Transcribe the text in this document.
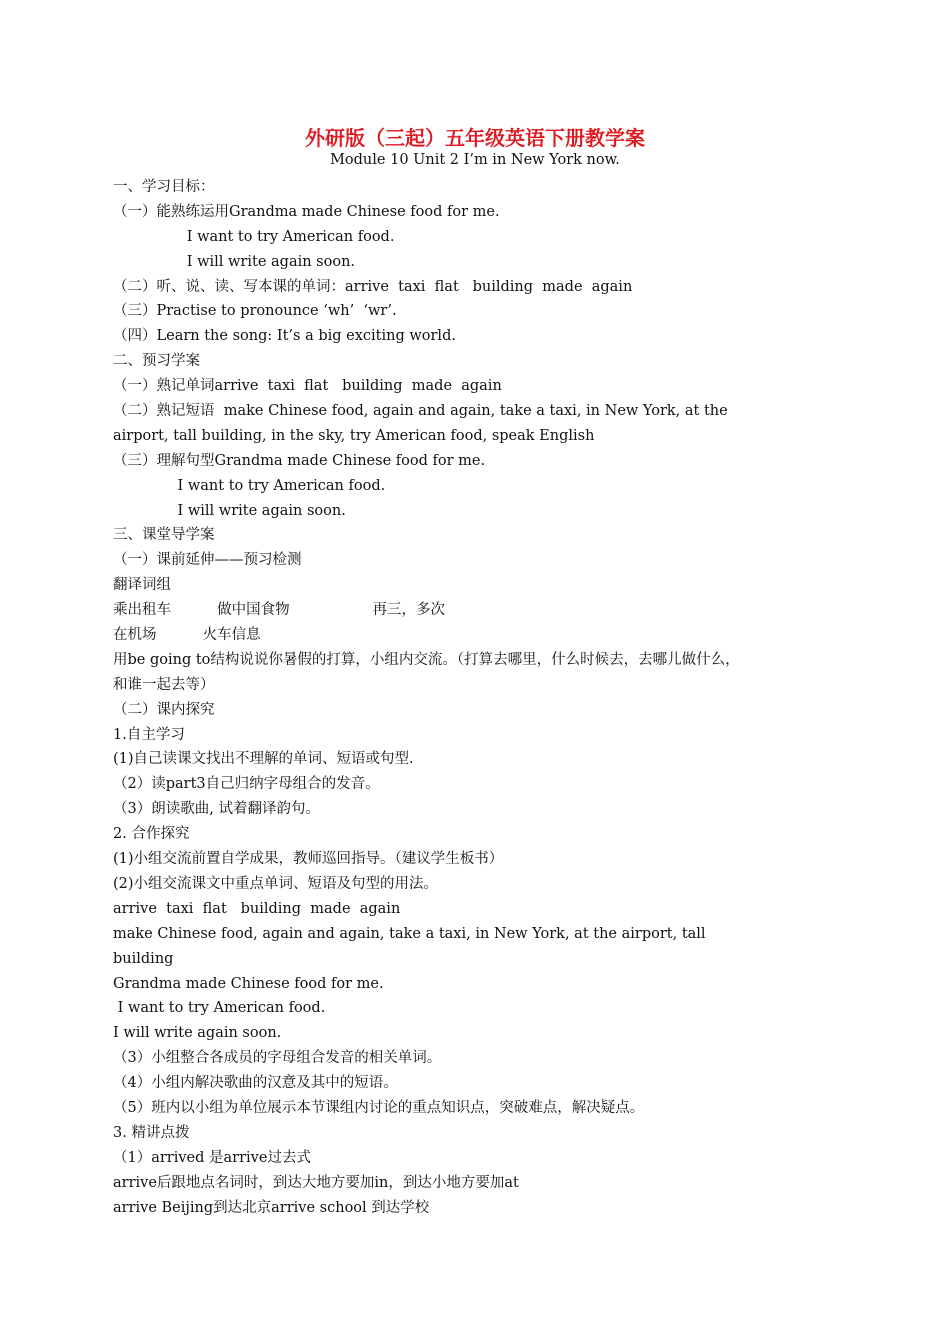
外研版（三起）五年级英语下册教学案
Module 10 Unit 2 I’m in New York now.
一、学习目标：
（一）能熟练运用Grandma made Chinese food for me.
I want to try American food.
I will write again soon.
（二）听、说、读、写本课的单词：arrive  taxi  flat   building  made  again
（三）Practise to pronounce ‘wh’  ‘wr’.
（四）Learn the song: It’s a big exciting world.
二、预习学案
（一）熟记单词arrive  taxi  flat   building  made  again
（二）熟记短语  make Chinese food, again and again, take a taxi, in New York, at the
airport, tall building, in the sky, try American food, speak English
（三）理解句型Grandma made Chinese food for me.
I want to try American food.
I will write again soon.
三、课堂导学案
（一）课前延伸——预习检测
翻译词组
乘出租车          做中国食物                  再三，多次
在机场          火车信息
用be going to结构说说你暑假的打算，小组内交流。（打算去哪里，什么时候去，去哪儿做什么，
和谁一起去等）
（二）课内探究
1.自主学习
(1)自己读课文找出不理解的单词、短语或句型.
（2）读part3自己归纳字母组合的发音。
（3）朗读歌曲, 试着翻译韵句。
2. 合作探究
(1)小组交流前置自学成果，教师巡回指导。（建议学生板书）
(2)小组交流课文中重点单词、短语及句型的用法。
arrive  taxi  flat   building  made  again
make Chinese food, again and again, take a taxi, in New York, at the airport, tall
building
Grandma made Chinese food for me.
I want to try American food.
I will write again soon.
（3）小组整合各成员的字母组合发音的相关单词。
（4）小组内解决歌曲的汉意及其中的短语。
（5）班内以小组为单位展示本节课组内讨论的重点知识点，突破难点，解决疑点。
3. 精讲点拨
（1）arrived 是arrive过去式
arrive后跟地点名词时，到达大地方要加in，到达小地方要加at
arrive Beijing到达北京arrive school 到达学校
